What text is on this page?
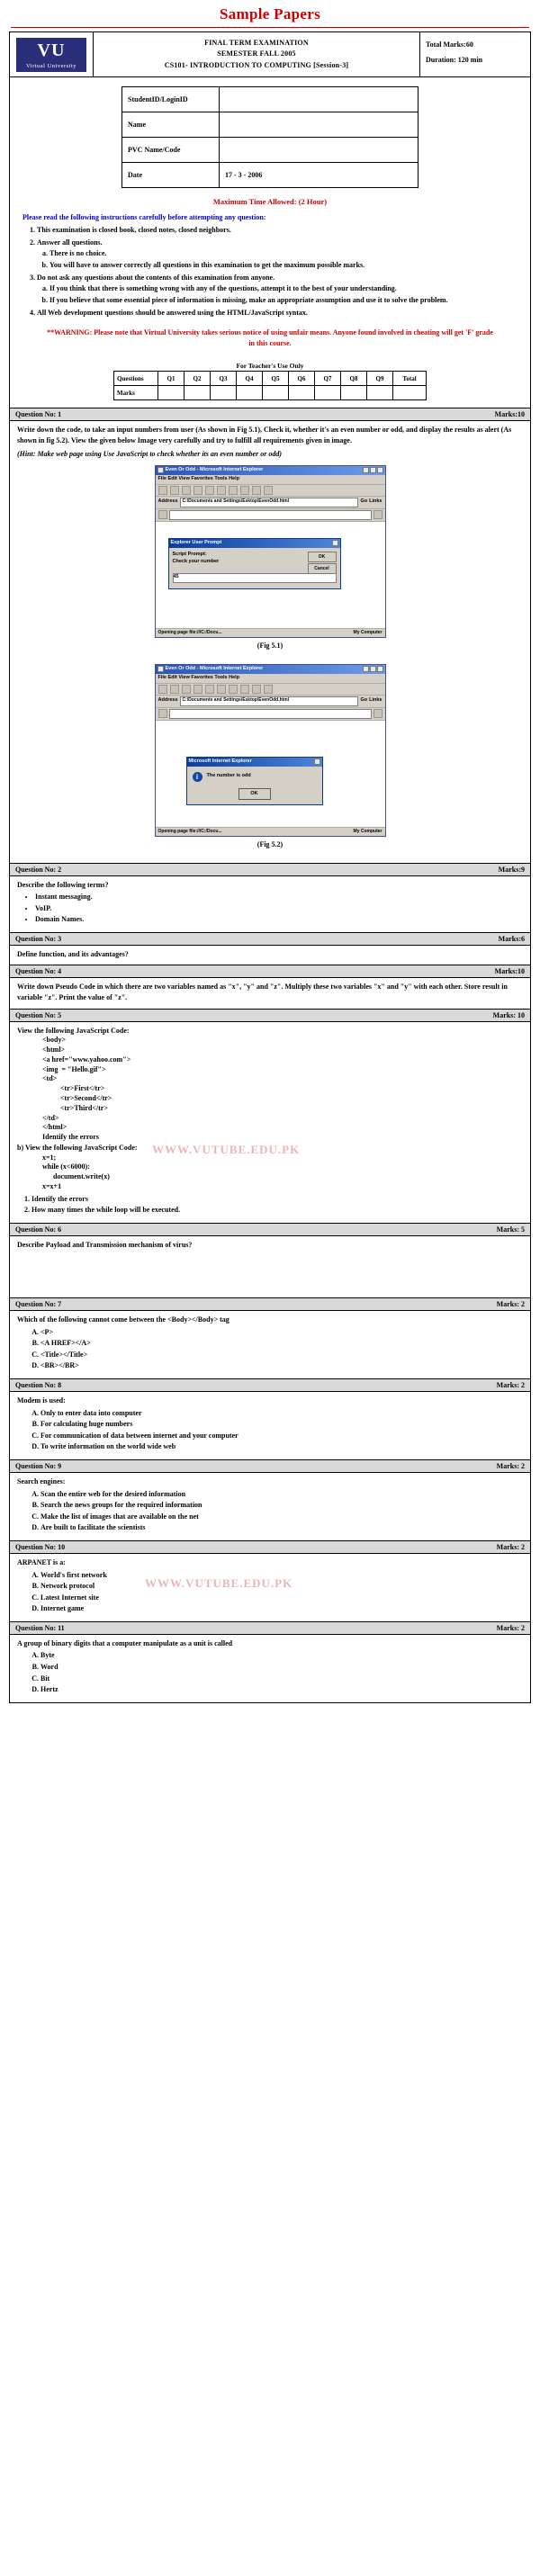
Sample Papers
VU
Virtual University
FINAL TERM EXAMINATION
SEMESTER FALL 2005
CS101- INTRODUCTION TO COMPUTING [Session-3]
Total Marks:60
Duration: 120 min
StudentID/LoginID	
Name	
PVC Name/Code	
Date	17 - 3 - 2006
Maximum Time Allowed: (2 Hour)
Please read the following instructions carefully before attempting any question:
1. This examination is closed book, closed notes, closed neighbors.
2. Answer all questions.
a. There is no choice.
b. You will have to answer correctly all questions in this examination to get the maximum possible marks.
3. Do not ask any questions about the contents of this examination from anyone.
a. If you think that there is something wrong with any of the questions, attempt it to the best of your understanding.
b. If you believe that some essential piece of information is missing, make an appropriate assumption and use it to solve the problem.
4. All Web development questions should be answered using the HTML/JavaScript syntax.
**WARNING: Please note that Virtual University takes serious notice of using unfair means. Anyone found involved in cheating will get 'F' grade in this course.
For Teacher's Use Only
Questions	Q1	Q2	Q3	Q4	Q5	Q6	Q7	Q8	Q9	Total
Marks										
Question No: 1	Marks:10
Write down the code, to take an input numbers from user (As shown in Fig 5.1), Check it, whether it's an even number or odd, and display the results as alert (As shown in fig 5.2). View the given below Image very carefully and try to fulfill all requirements given in image.
(Hint: Make web page using Use JavaScript to check whether its an even number or odd)
Even Or Odd - Microsoft Internet Explorer
File Edit View Favorites Tools Help
Address	C:\Documents and Settings\Esktop\EvenOdd.html	Go Links
Explorer User Prompt
Script Prompt:
Check your number
45
OK
Cancel
Opening page file:///C:/Docu...	My Computer
(Fig 5.1)
Even Or Odd - Microsoft Internet Explorer
File Edit View Favorites Tools Help
Address	C:\Documents and Settings\Esktop\EvenOdd.html	Go Links
Microsoft Internet Explorer
i	The number is odd
OK
Opening page file:///C:/Docu...	My Computer
(Fig 5.2)
Question No: 2	Marks:9
Describe the following terms?
• Instant messaging.
• VoIP.
• Domain Names.
Question No: 3	Marks:6
Define function, and its advantages?
Question No: 4	Marks:10
Write down Pseudo Code in which there are two variables named as "x", "y" and "z". Multiply these two variables "x" and "y" with each other. Store result in variable "z". Print the value of "z".
Question No: 5	Marks: 10
View the following JavaScript Code:
<body>
<html>
<a href="www.yahoo.com">
<img  = "Hello.gif">
<td>
<tr>First</tr>
<tr>Second</tr>
<tr>Third</tr>
</td>
</html>
Identify the errors
b) View the following JavaScript Code: WWW.VUTUBE.EDU.PK
x=1;
while (x<6000):
document.write(x)
x=x+1
1. Identify the errors
2. How many times the while loop will be executed.
Question No: 6	Marks: 5
Describe Payload and Transmission mechanism of virus?
Question No: 7	Marks: 2
Which of the following cannot come between the <Body></Body> tag
A. <P>
B. <A HREF></A>
C. <Title></Title>
D. <BR></BR>
Question No: 8	Marks: 2
Modem is used:
A. Only to enter data into computer
B. For calculating huge numbers
C. For communication of data between internet and your computer
D. To write information on the world wide web
Question No: 9	Marks: 2
Search engines:
A. Scan the entire web for the desired information
B. Search the news groups for the required information
C. Make the list of images that are available on the net
D. Are built to facilitate the scientists
Question No: 10	Marks: 2
ARPANET is a:
WWW.VUTUBE.EDU.PK
A. World's first network
B. Network protocol
C. Latest Internet site
D. Internet game
Question No: 11	Marks: 2
A group of binary digits that a computer manipulate as a unit is called
A. Byte
B. Word
C. Bit
D. Hertz
